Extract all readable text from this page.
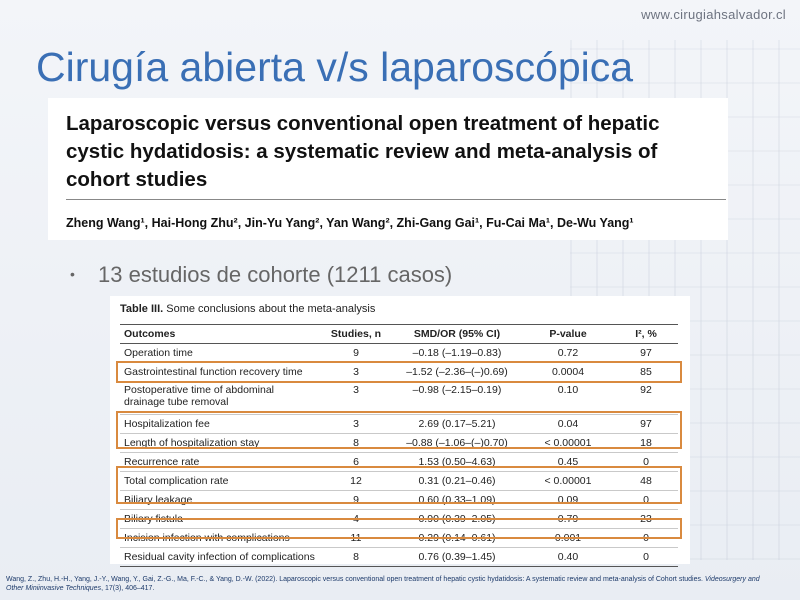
www.cirugiahsalvador.cl
Cirugía abierta v/s laparoscópica
Laparoscopic versus conventional open treatment of hepatic cystic hydatidosis: a systematic review and meta-analysis of cohort studies
Zheng Wang¹, Hai-Hong Zhu², Jin-Yu Yang², Yan Wang², Zhi-Gang Gai¹, Fu-Cai Ma¹, De-Wu Yang¹
• 13 estudios de cohorte (1211 casos)
Table III. Some conclusions about the meta-analysis
Outcomes	Studies, n	SMD/OR (95% CI)	P-value	I², %
Operation time	9	–0.18 (–1.19–0.83)	0.72	97
Gastrointestinal function recovery time	3	–1.52 (–2.36–(–)0.69)	0.0004	85
Postoperative time of abdominal drainage tube removal	3	–0.98 (–2.15–0.19)	0.10	92
Hospitalization fee	3	2.69 (0.17–5.21)	0.04	97
Length of hospitalization stay	8	–0.88 (–1.06–(–)0.70)	< 0.00001	18
Recurrence rate	6	1.53 (0.50–4.63)	0.45	0
Total complication rate	12	0.31 (0.21–0.46)	< 0.00001	48
Biliary leakage	9	0.60 (0.33–1.09)	0.09	0
Biliary fistula	4	0.90 (0.39–2.05)	0.79	23
Incision infection with complications	11	0.29 (0.14–0.61)	0.001	0
Residual cavity infection of complications	8	0.76 (0.39–1.45)	0.40	0
Wang, Z., Zhu, H.-H., Yang, J.-Y., Wang, Y., Gai, Z.-G., Ma, F.-C., & Yang, D.-W. (2022). Laparoscopic versus conventional open treatment of hepatic cystic hydatidosis: A systematic review and meta-analysis of Cohort studies. Videosurgery and Other Miniinvasive Techniques, 17(3), 406–417.
